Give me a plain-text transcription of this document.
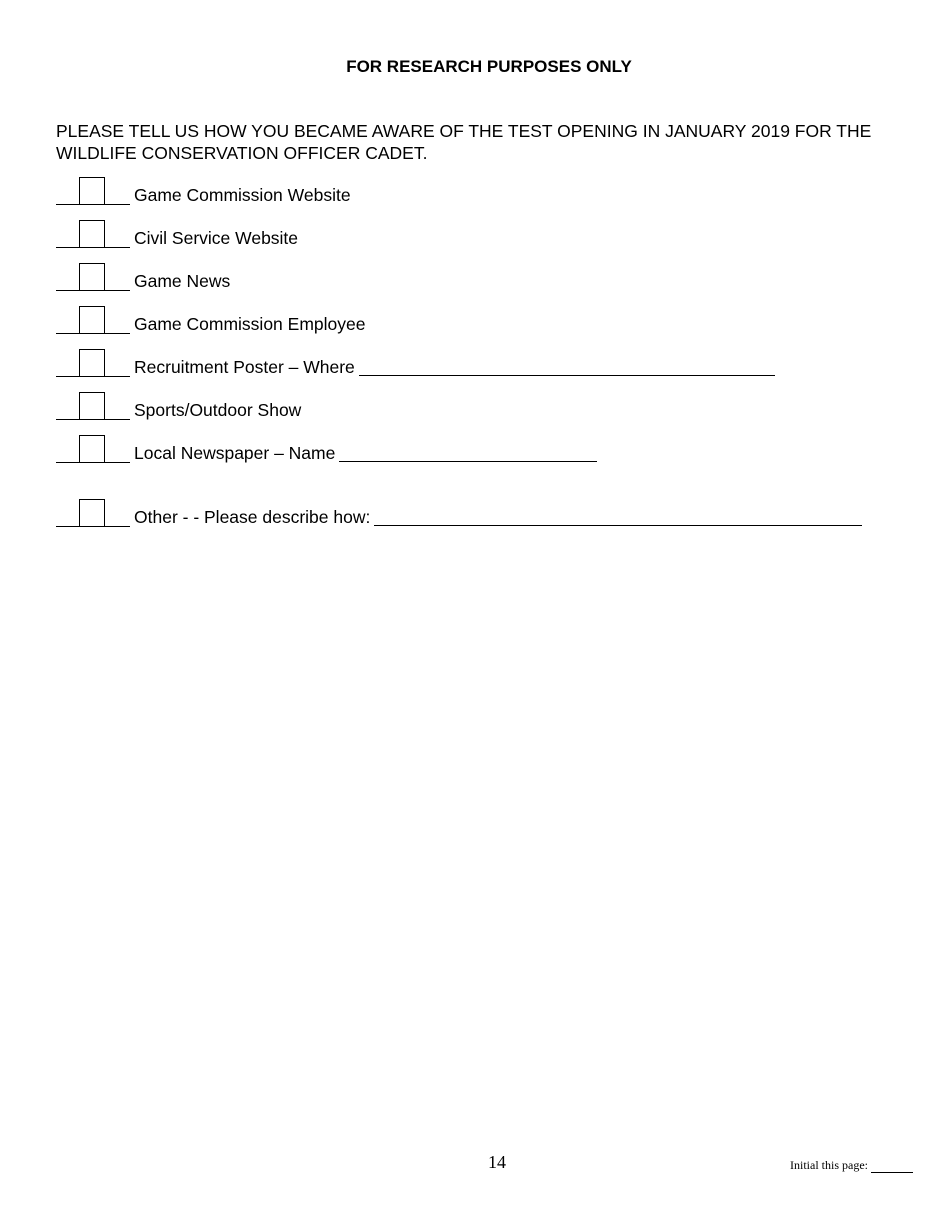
FOR RESEARCH PURPOSES ONLY

PLEASE TELL US HOW YOU BECAME AWARE OF THE TEST OPENING IN JANUARY 2019 FOR THE WILDLIFE CONSERVATION OFFICER CADET.

Game Commission Website
Civil Service Website
Game News
Game Commission Employee
Recruitment Poster – Where
Sports/Outdoor Show
Local Newspaper – Name
Other - - Please describe how:
14	Initial this page:
